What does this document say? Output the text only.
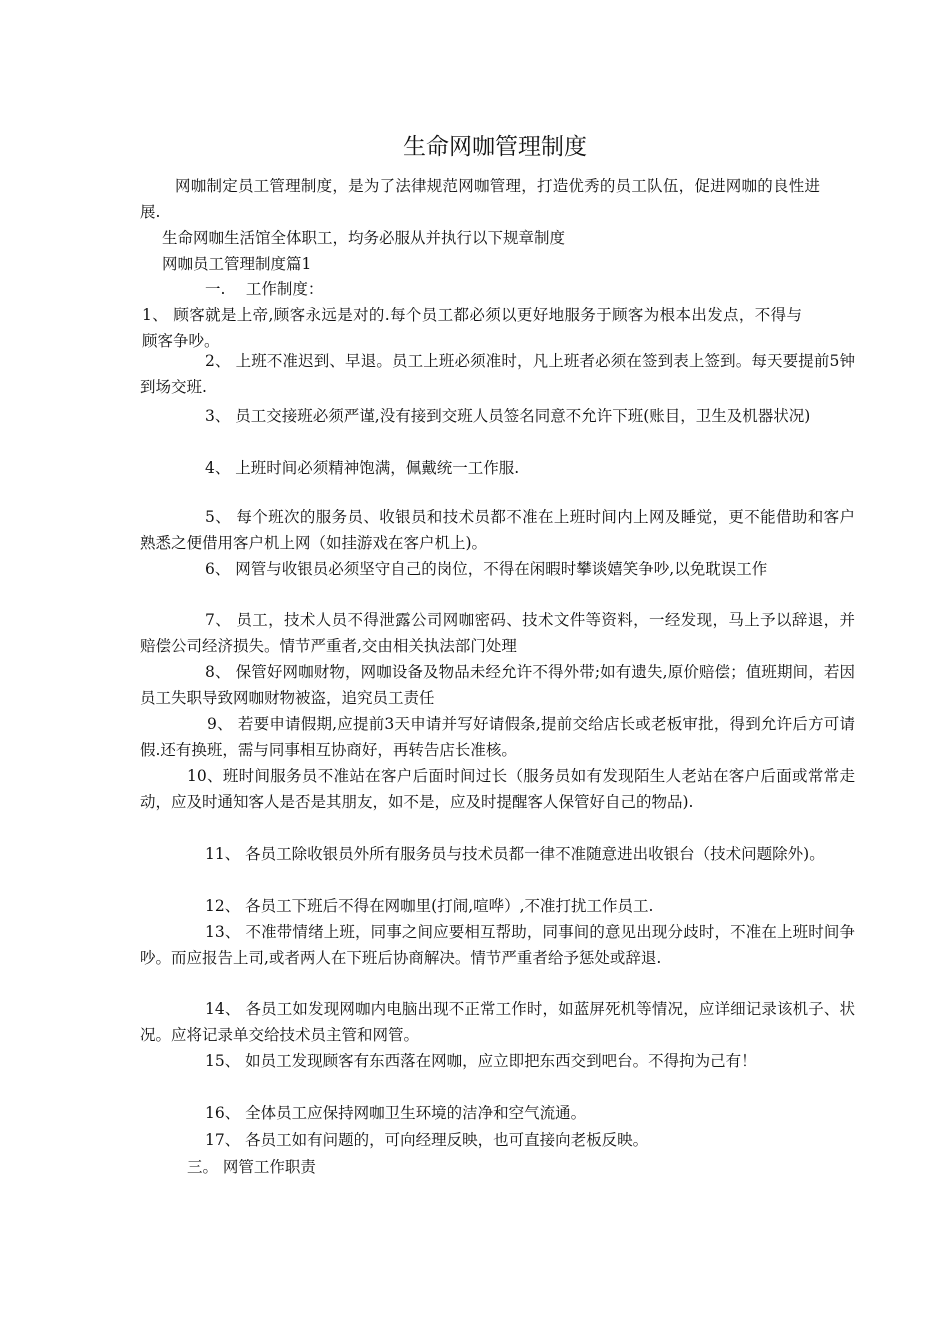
生命网咖管理制度

网咖制定员工管理制度，是为了法律规范网咖管理，打造优秀的员工队伍，促进网咖的良性进展.

生命网咖生活馆全体职工，均务必服从并执行以下规章制度

网咖员工管理制度篇1

一.　 工作制度：

1、 顾客就是上帝,顾客永远是对的.每个员工都必须以更好地服务于顾客为根本出发点，不得与顾客争吵。

2、 上班不准迟到、早退。员工上班必须准时，凡上班者必须在签到表上签到。每天要提前5钟到场交班.

3、 员工交接班必须严谨,没有接到交班人员签名同意不允许下班(账目，卫生及机器状况)

4、 上班时间必须精神饱满，佩戴统一工作服.

5、 每个班次的服务员、收银员和技术员都不准在上班时间内上网及睡觉，更不能借助和客户熟悉之便借用客户机上网（如挂游戏在客户机上)。

6、 网管与收银员必须坚守自己的岗位，不得在闲暇时攀谈嬉笑争吵,以免耽误工作

7、 员工，技术人员不得泄露公司网咖密码、技术文件等资料，一经发现，马上予以辞退，并赔偿公司经济损失。情节严重者,交由相关执法部门处理

8、 保管好网咖财物，网咖设备及物品未经允许不得外带;如有遗失,原价赔偿；值班期间，若因员工失职导致网咖财物被盗，追究员工责任

9、 若要申请假期,应提前3天申请并写好请假条,提前交给店长或老板审批，得到允许后方可请假.还有换班，需与同事相互协商好，再转告店长准核。

10、班时间服务员不准站在客户后面时间过长（服务员如有发现陌生人老站在客户后面或常常走动，应及时通知客人是否是其朋友，如不是，应及时提醒客人保管好自己的物品).

11、 各员工除收银员外所有服务员与技术员都一律不准随意进出收银台（技术问题除外)。

12、 各员工下班后不得在网咖里(打闹,喧哗）,不准打扰工作员工.

13、 不准带情绪上班，同事之间应要相互帮助，同事间的意见出现分歧时，不准在上班时间争吵。而应报告上司,或者两人在下班后协商解决。情节严重者给予惩处或辞退.

14、 各员工如发现网咖内电脑出现不正常工作时，如蓝屏死机等情况，应详细记录该机子、状况。应将记录单交给技术员主管和网管。

15、 如员工发现顾客有东西落在网咖，应立即把东西交到吧台。不得拘为己有！

16、 全体员工应保持网咖卫生环境的洁净和空气流通。

17、 各员工如有问题的，可向经理反映，也可直接向老板反映。

三。 网管工作职责
